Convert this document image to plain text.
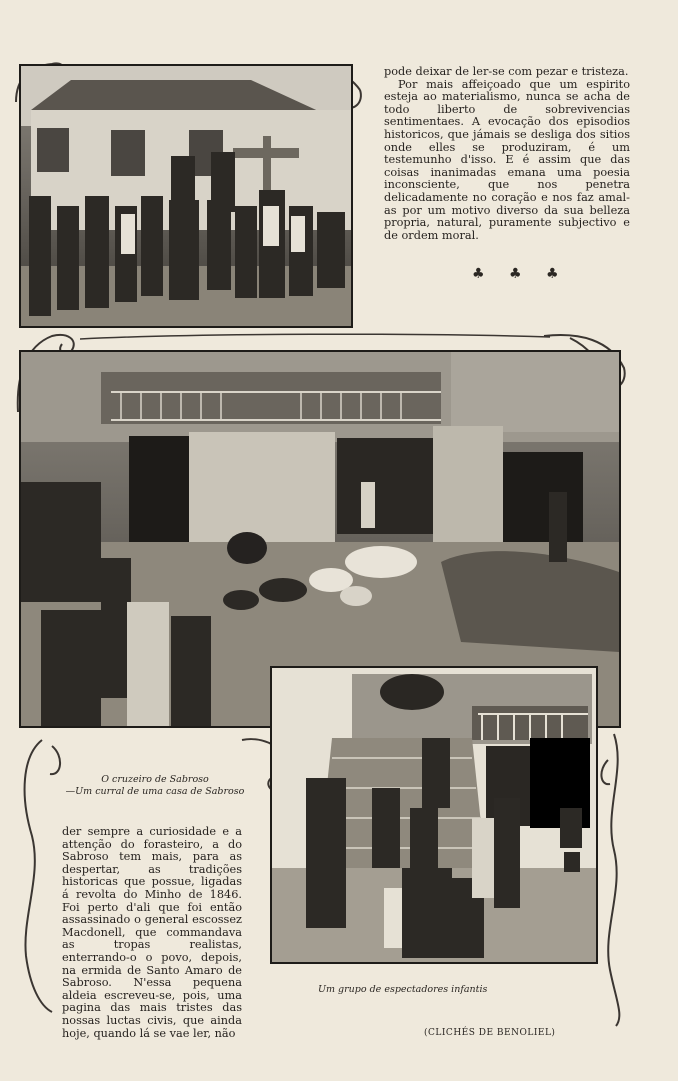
pode deixar de ler-se com pezar e tristeza.

Por mais affeiçoado que um espirito esteja ao materialismo, nunca se acha de todo liberto de sobrevivencias sentimentaes. A evocação dos episodios historicos, que jámais se desliga dos sitios onde elles se produziram, é um testemunho d'isso. E é assim que das coisas inanimadas emana uma poesia inconsciente, que nos penetra delicadamente no coração e nos faz amal-as por um motivo diverso da sua belleza propria, natural, puramente subjectivo e de ordem moral.

♣ ♣ ♣
O cruzeiro de Sabroso
—Um curral de uma casa de Sabroso

der sempre a curiosidade e a attenção do forasteiro, a do Sabroso tem mais, para as despertar, as tradições historicas que possue, ligadas á revolta do Minho de 1846. Foi perto d'ali que foi então assassinado o general escossez Macdonell, que commandava as tropas realistas, enterrando-o o povo, depois, na ermida de Santo Amaro de Sabroso. N'essa pequena aldeia escreveu-se, pois, uma pagina das mais tristes das nossas luctas civis, que ainda hoje, quando lá se vae ler, não

Um grupo de espectadores infantis
(CLICHÉS DE BENOLIEL)
